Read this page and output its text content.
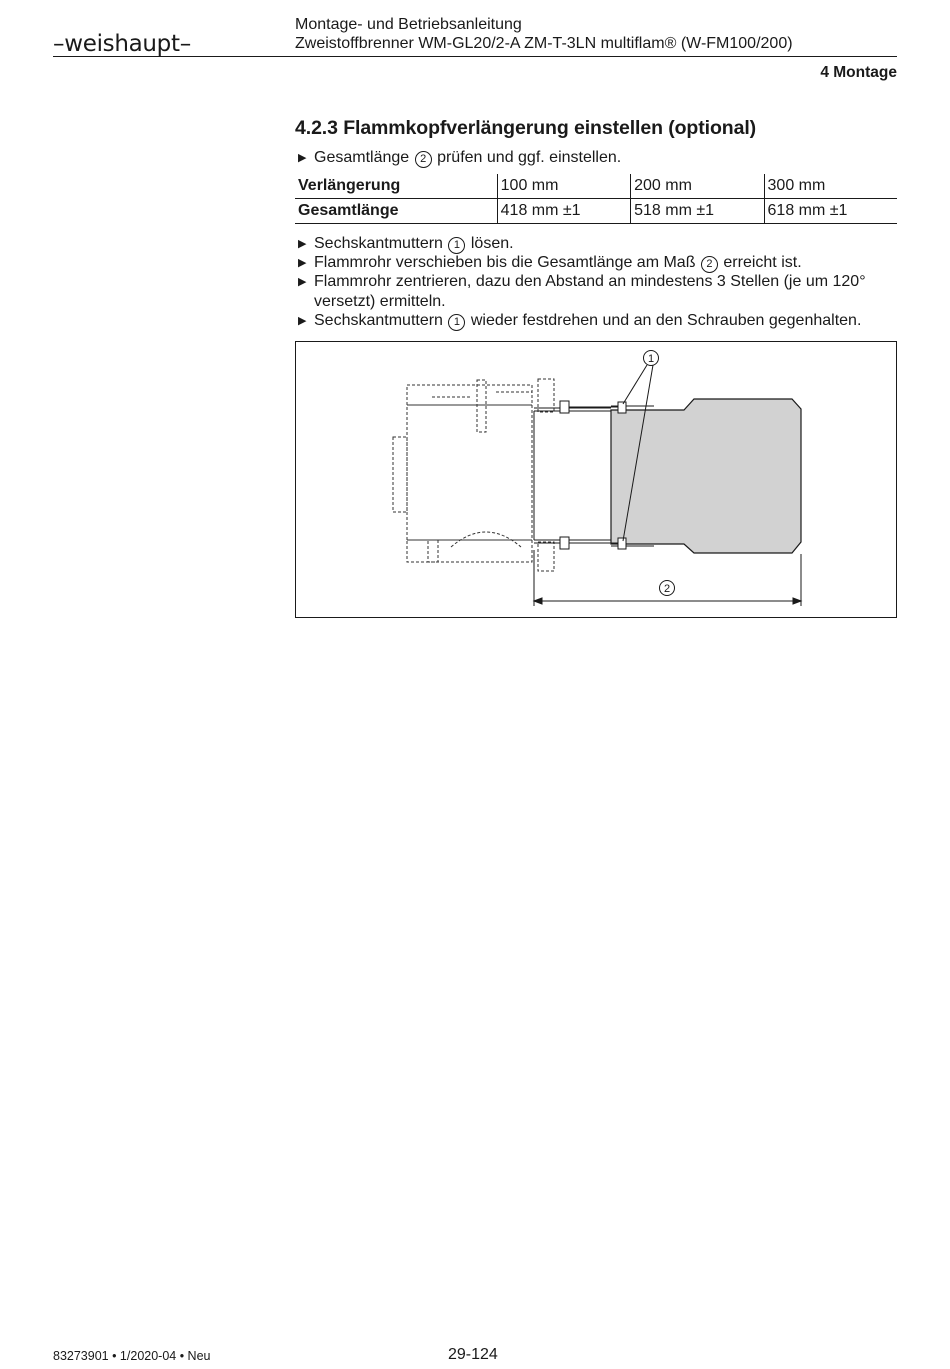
–weishaupt–
Montage- und Betriebsanleitung
Zweistoffbrenner WM-GL20/2-A ZM-T-3LN multiflam® (W-FM100/200)
4 Montage
4.2.3 Flammkopfverlängerung einstellen (optional)
▶ Gesamtlänge 2 prüfen und ggf. einstellen.
Verlängerung	100 mm	200 mm	300 mm
Gesamtlänge	418 mm ±1	518 mm ±1	618 mm ±1
▶ Sechskantmuttern 1 lösen.
▶ Flammrohr verschieben bis die Gesamtlänge am Maß 2 erreicht ist.
▶ Flammrohr zentrieren, dazu den Abstand an mindestens 3 Stellen (je um 120°
versetzt) ermitteln.
▶ Sechskantmuttern 1 wieder festdrehen und an den Schrauben gegenhalten.
1
2
83273901 • 1/2020-04 • Neu	29-124
